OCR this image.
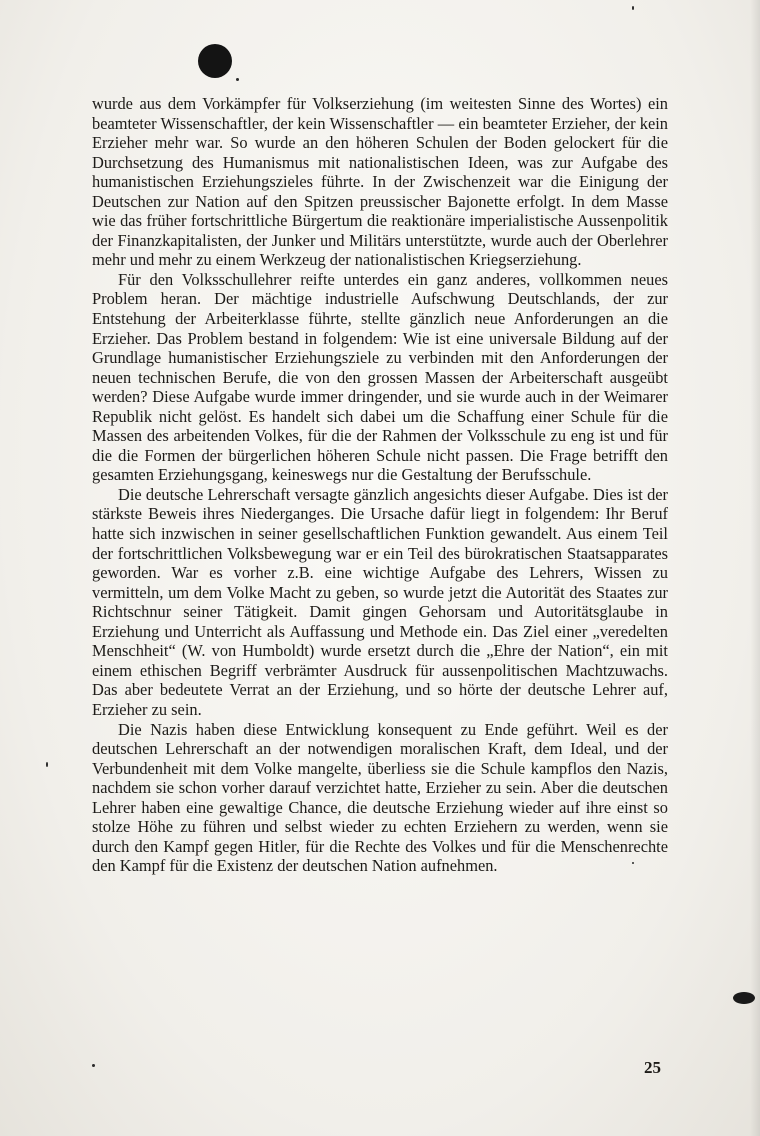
wurde aus dem Vorkämpfer für Volkserziehung (im weitesten Sinne des Wortes) ein beamteter Wissenschaftler, der kein Wissenschaftler — ein beamteter Erzieher, der kein Erzieher mehr war. So wurde an den höheren Schulen der Boden gelockert für die Durchsetzung des Humanismus mit nationalistischen Ideen, was zur Aufgabe des humanistischen Erziehungszieles führte. In der Zwischenzeit war die Einigung der Deutschen zur Nation auf den Spitzen preussischer Bajonette erfolgt. In dem Masse wie das früher fortschrittliche Bürgertum die reaktionäre imperialistische Aussenpolitik der Finanzkapitalisten, der Junker und Militärs unterstützte, wurde auch der Oberlehrer mehr und mehr zu einem Werkzeug der nationalistischen Kriegserziehung.

Für den Volksschullehrer reifte unterdes ein ganz anderes, vollkommen neues Problem heran. Der mächtige industrielle Aufschwung Deutschlands, der zur Entstehung der Arbeiterklasse führte, stellte gänzlich neue Anforderungen an die Erzieher. Das Problem bestand in folgendem: Wie ist eine universale Bildung auf der Grundlage humanistischer Erziehungsziele zu verbinden mit den Anforderungen der neuen technischen Berufe, die von den grossen Massen der Arbeiterschaft ausgeübt werden? Diese Aufgabe wurde immer dringender, und sie wurde auch in der Weimarer Republik nicht gelöst. Es handelt sich dabei um die Schaffung einer Schule für die Massen des arbeitenden Volkes, für die der Rahmen der Volksschule zu eng ist und für die die Formen der bürgerlichen höheren Schule nicht passen. Die Frage betrifft den gesamten Erziehungsgang, keineswegs nur die Gestaltung der Berufsschule.

Die deutsche Lehrerschaft versagte gänzlich angesichts dieser Aufgabe. Dies ist der stärkste Beweis ihres Niederganges. Die Ursache dafür liegt in folgendem: Ihr Beruf hatte sich inzwischen in seiner gesellschaftlichen Funktion gewandelt. Aus einem Teil der fortschrittlichen Volksbewegung war er ein Teil des bürokratischen Staatsapparates geworden. War es vorher z.B. eine wichtige Aufgabe des Lehrers, Wissen zu vermitteln, um dem Volke Macht zu geben, so wurde jetzt die Autorität des Staates zur Richtschnur seiner Tätigkeit. Damit gingen Gehorsam und Autoritätsglaube in Erziehung und Unterricht als Auffassung und Methode ein. Das Ziel einer „veredelten Menschheit“ (W. von Humboldt) wurde ersetzt durch die „Ehre der Nation“, ein mit einem ethischen Begriff verbrämter Ausdruck für aussenpolitischen Machtzuwachs. Das aber bedeutete Verrat an der Erziehung, und so hörte der deutsche Lehrer auf, Erzieher zu sein.

Die Nazis haben diese Entwicklung konsequent zu Ende geführt. Weil es der deutschen Lehrerschaft an der notwendigen moralischen Kraft, dem Ideal, und der Verbundenheit mit dem Volke mangelte, überliess sie die Schule kampflos den Nazis, nachdem sie schon vorher darauf verzichtet hatte, Erzieher zu sein. Aber die deutschen Lehrer haben eine gewaltige Chance, die deutsche Erziehung wieder auf ihre einst so stolze Höhe zu führen und selbst wieder zu echten Erziehern zu werden, wenn sie durch den Kampf gegen Hitler, für die Rechte des Volkes und für die Menschenrechte den Kampf für die Existenz der deutschen Nation aufnehmen.

25
